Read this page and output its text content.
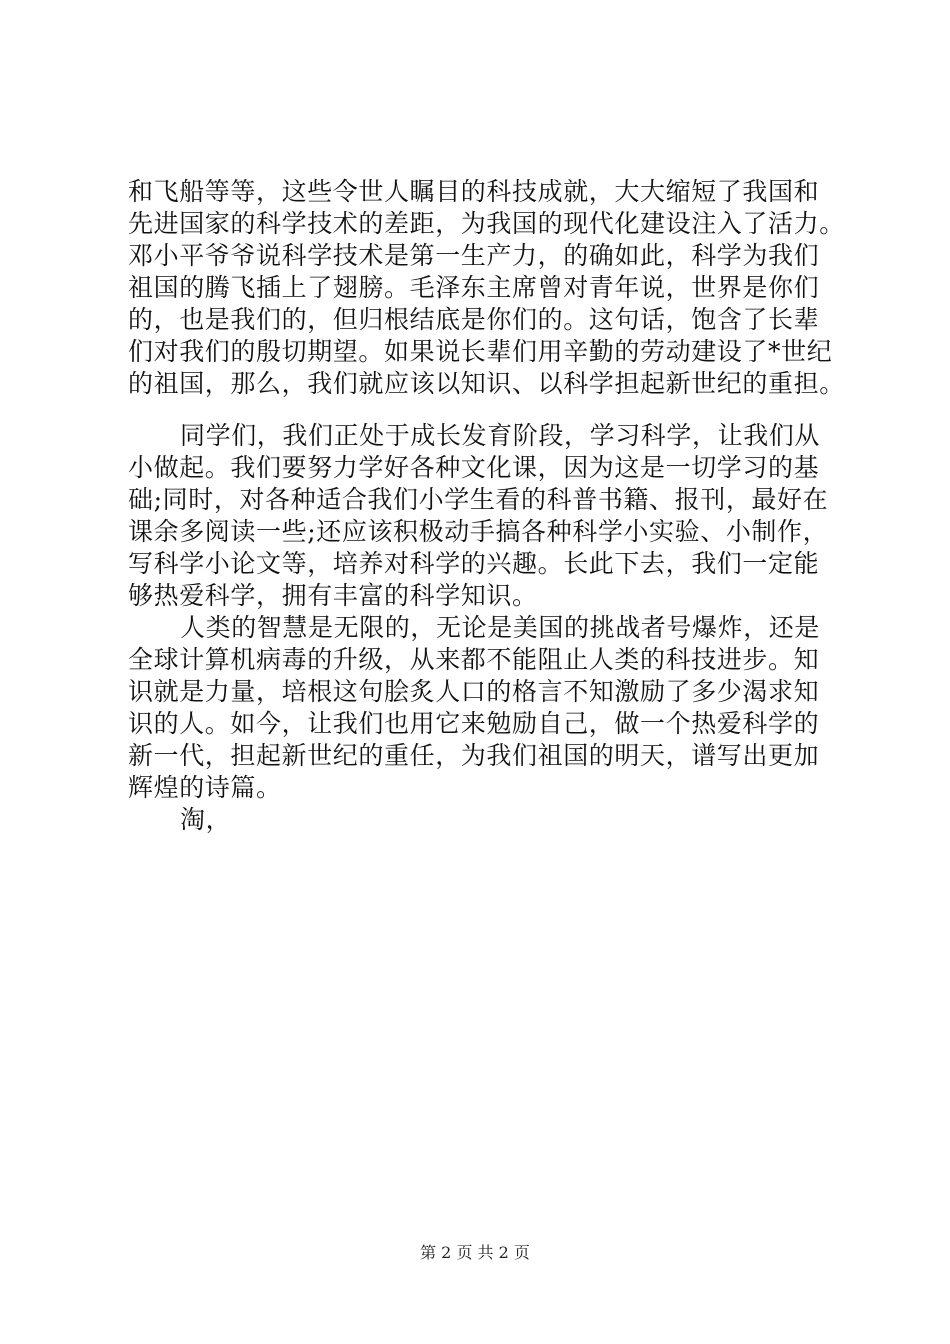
和飞船等等，这些令世人瞩目的科技成就，大大缩短了我国和
先进国家的科学技术的差距，为我国的现代化建设注入了活力。
邓小平爷爷说科学技术是第一生产力，的确如此，科学为我们
祖国的腾飞插上了翅膀。毛泽东主席曾对青年说，世界是你们
的，也是我们的，但归根结底是你们的。这句话，饱含了长辈
们对我们的殷切期望。如果说长辈们用辛勤的劳动建设了*世纪
的祖国，那么，我们就应该以知识、以科学担起新世纪的重担。
同学们，我们正处于成长发育阶段，学习科学，让我们从
小做起。我们要努力学好各种文化课，因为这是一切学习的基
础;同时，对各种适合我们小学生看的科普书籍、报刊，最好在
课余多阅读一些;还应该积极动手搞各种科学小实验、小制作，
写科学小论文等，培养对科学的兴趣。长此下去，我们一定能
够热爱科学，拥有丰富的科学知识。
人类的智慧是无限的，无论是美国的挑战者号爆炸，还是
全球计算机病毒的升级，从来都不能阻止人类的科技进步。知
识就是力量，培根这句脍炙人口的格言不知激励了多少渴求知
识的人。如今，让我们也用它来勉励自己，做一个热爱科学的
新一代，担起新世纪的重任，为我们祖国的明天，谱写出更加
辉煌的诗篇。
淘，
第 2 页 共 2 页
